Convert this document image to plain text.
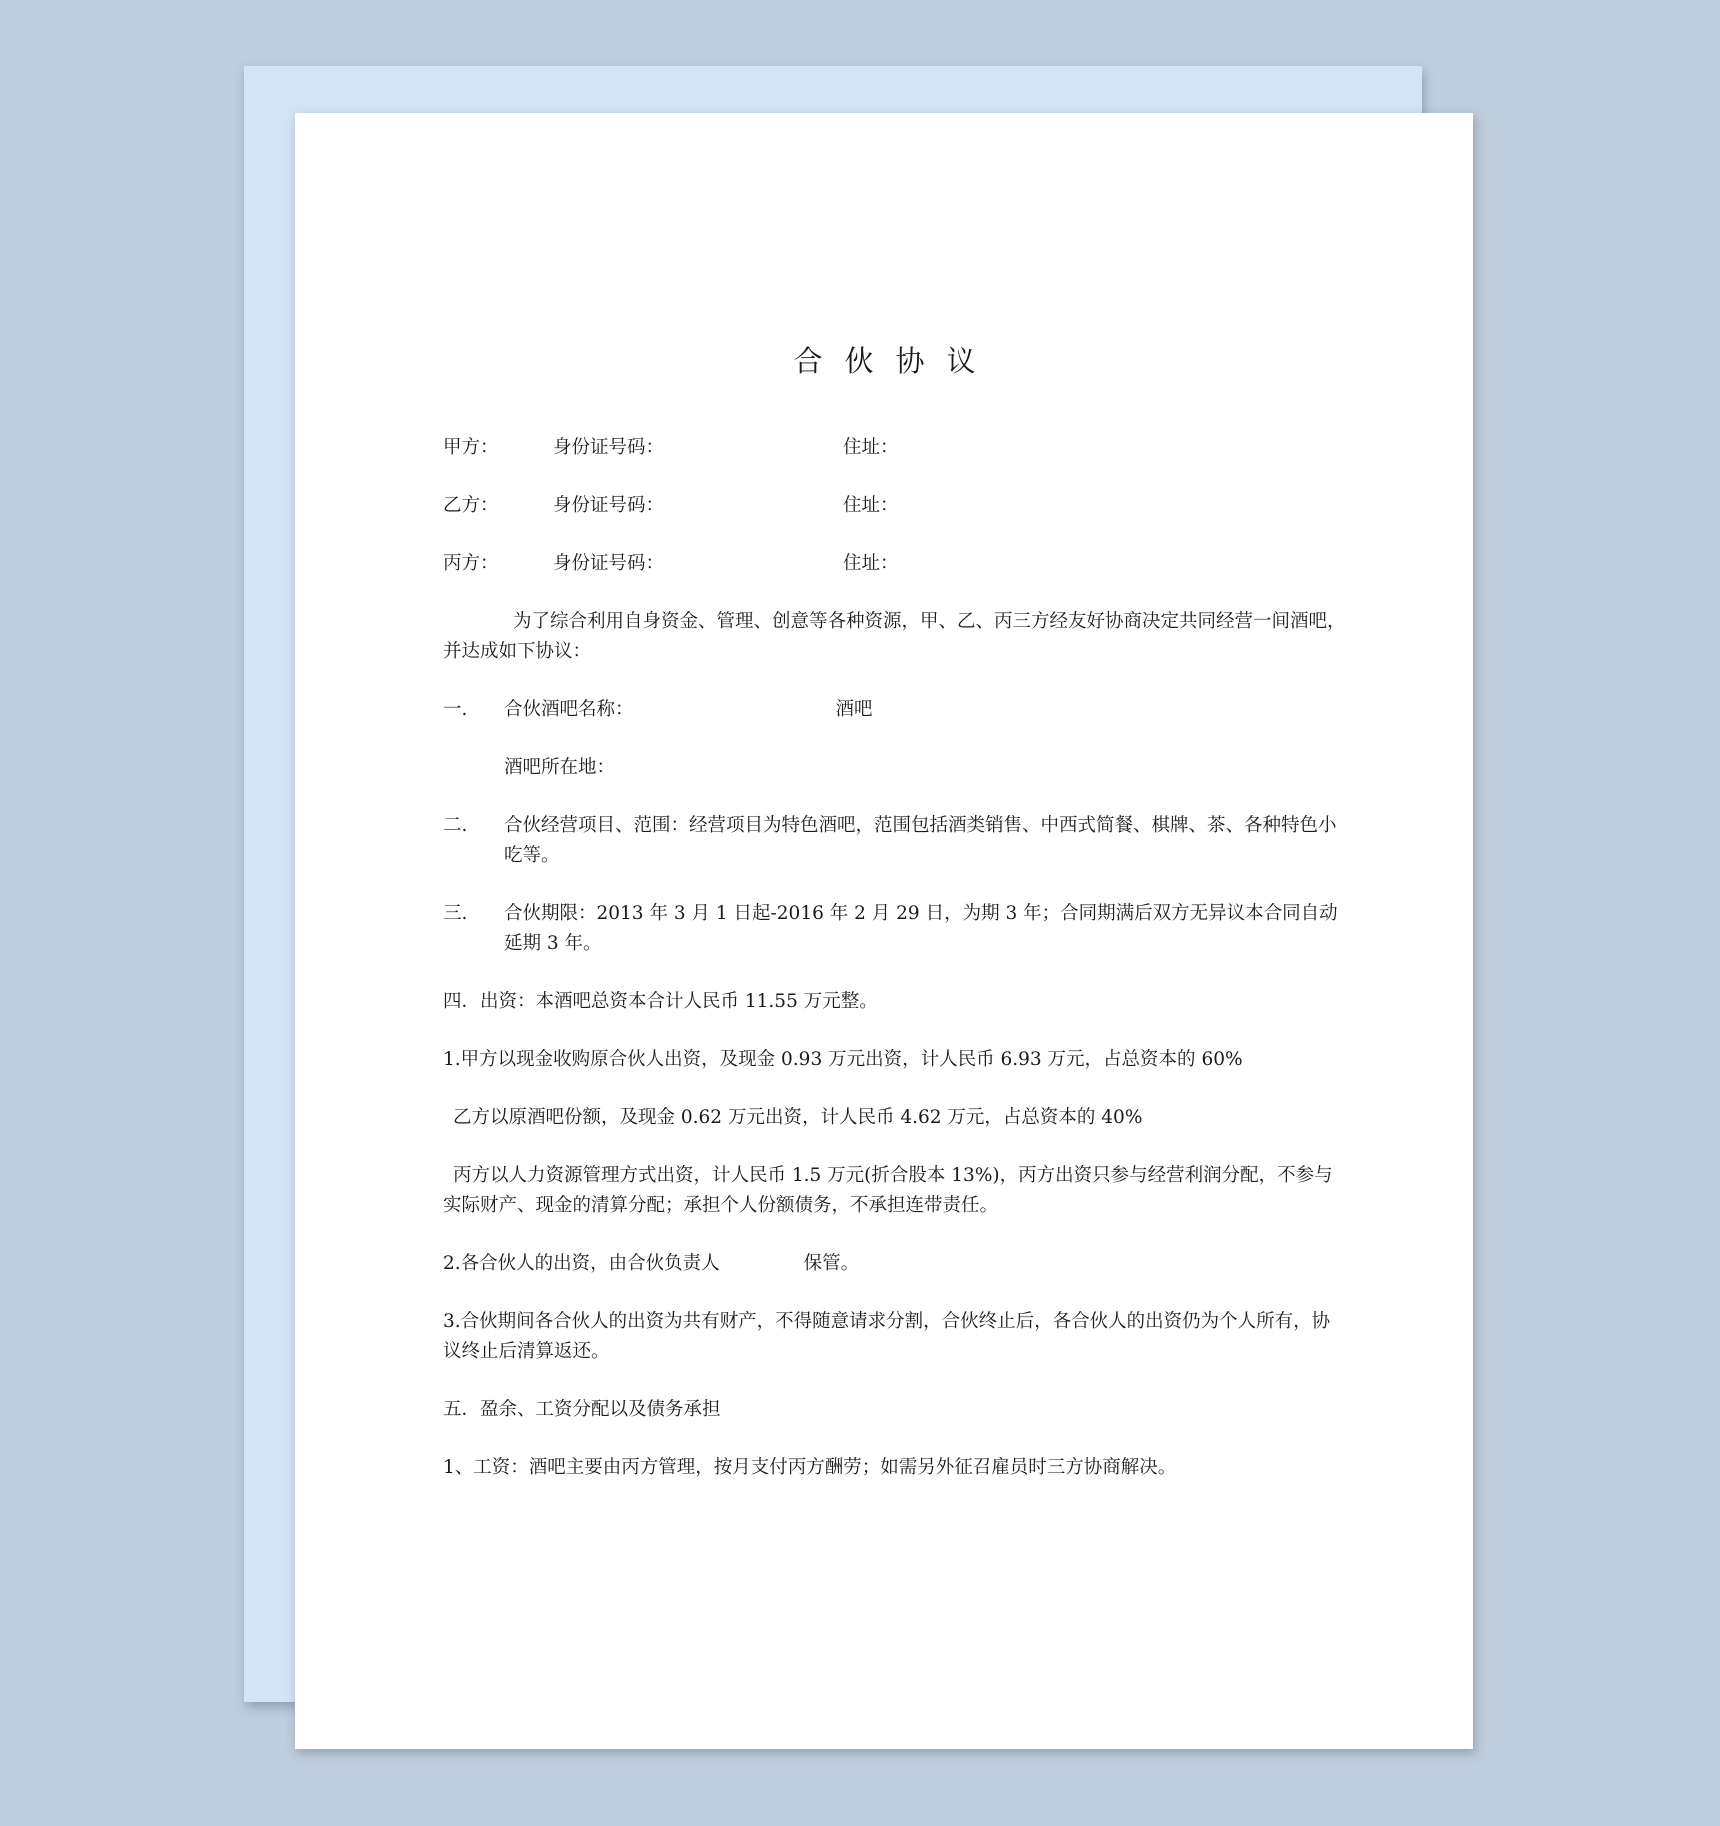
合伙协议
甲方：	身份证号码：	住址：
乙方：	身份证号码：	住址：
丙方：	身份证号码：	住址：
为了综合利用自身资金、管理、创意等各种资源，甲、乙、丙三方经友好协商决定共同经营一间酒吧，并达成如下协议：
一. 合伙酒吧名称：	酒吧
酒吧所在地：
二. 合伙经营项目、范围：经营项目为特色酒吧，范围包括酒类销售、中西式简餐、棋牌、茶、各种特色小吃等。
三. 合伙期限：2013 年 3 月 1 日起-2016 年 2 月 29 日，为期 3 年；合同期满后双方无异议本合同自动延期 3 年。
四．出资：本酒吧总资本合计人民币 11.55 万元整。
1.甲方以现金收购原合伙人出资，及现金 0.93 万元出资，计人民币 6.93 万元，占总资本的 60%
乙方以原酒吧份额，及现金 0.62 万元出资，计人民币 4.62 万元，占总资本的 40%
丙方以人力资源管理方式出资，计人民币 1.5 万元(折合股本 13%)，丙方出资只参与经营利润分配，不参与实际财产、现金的清算分配；承担个人份额债务，不承担连带责任。
2.各合伙人的出资，由合伙负责人	保管。
3.合伙期间各合伙人的出资为共有财产，不得随意请求分割，合伙终止后，各合伙人的出资仍为个人所有，协议终止后清算返还。
五．盈余、工资分配以及债务承担
1、工资：酒吧主要由丙方管理，按月支付丙方酬劳；如需另外征召雇员时三方协商解决。
